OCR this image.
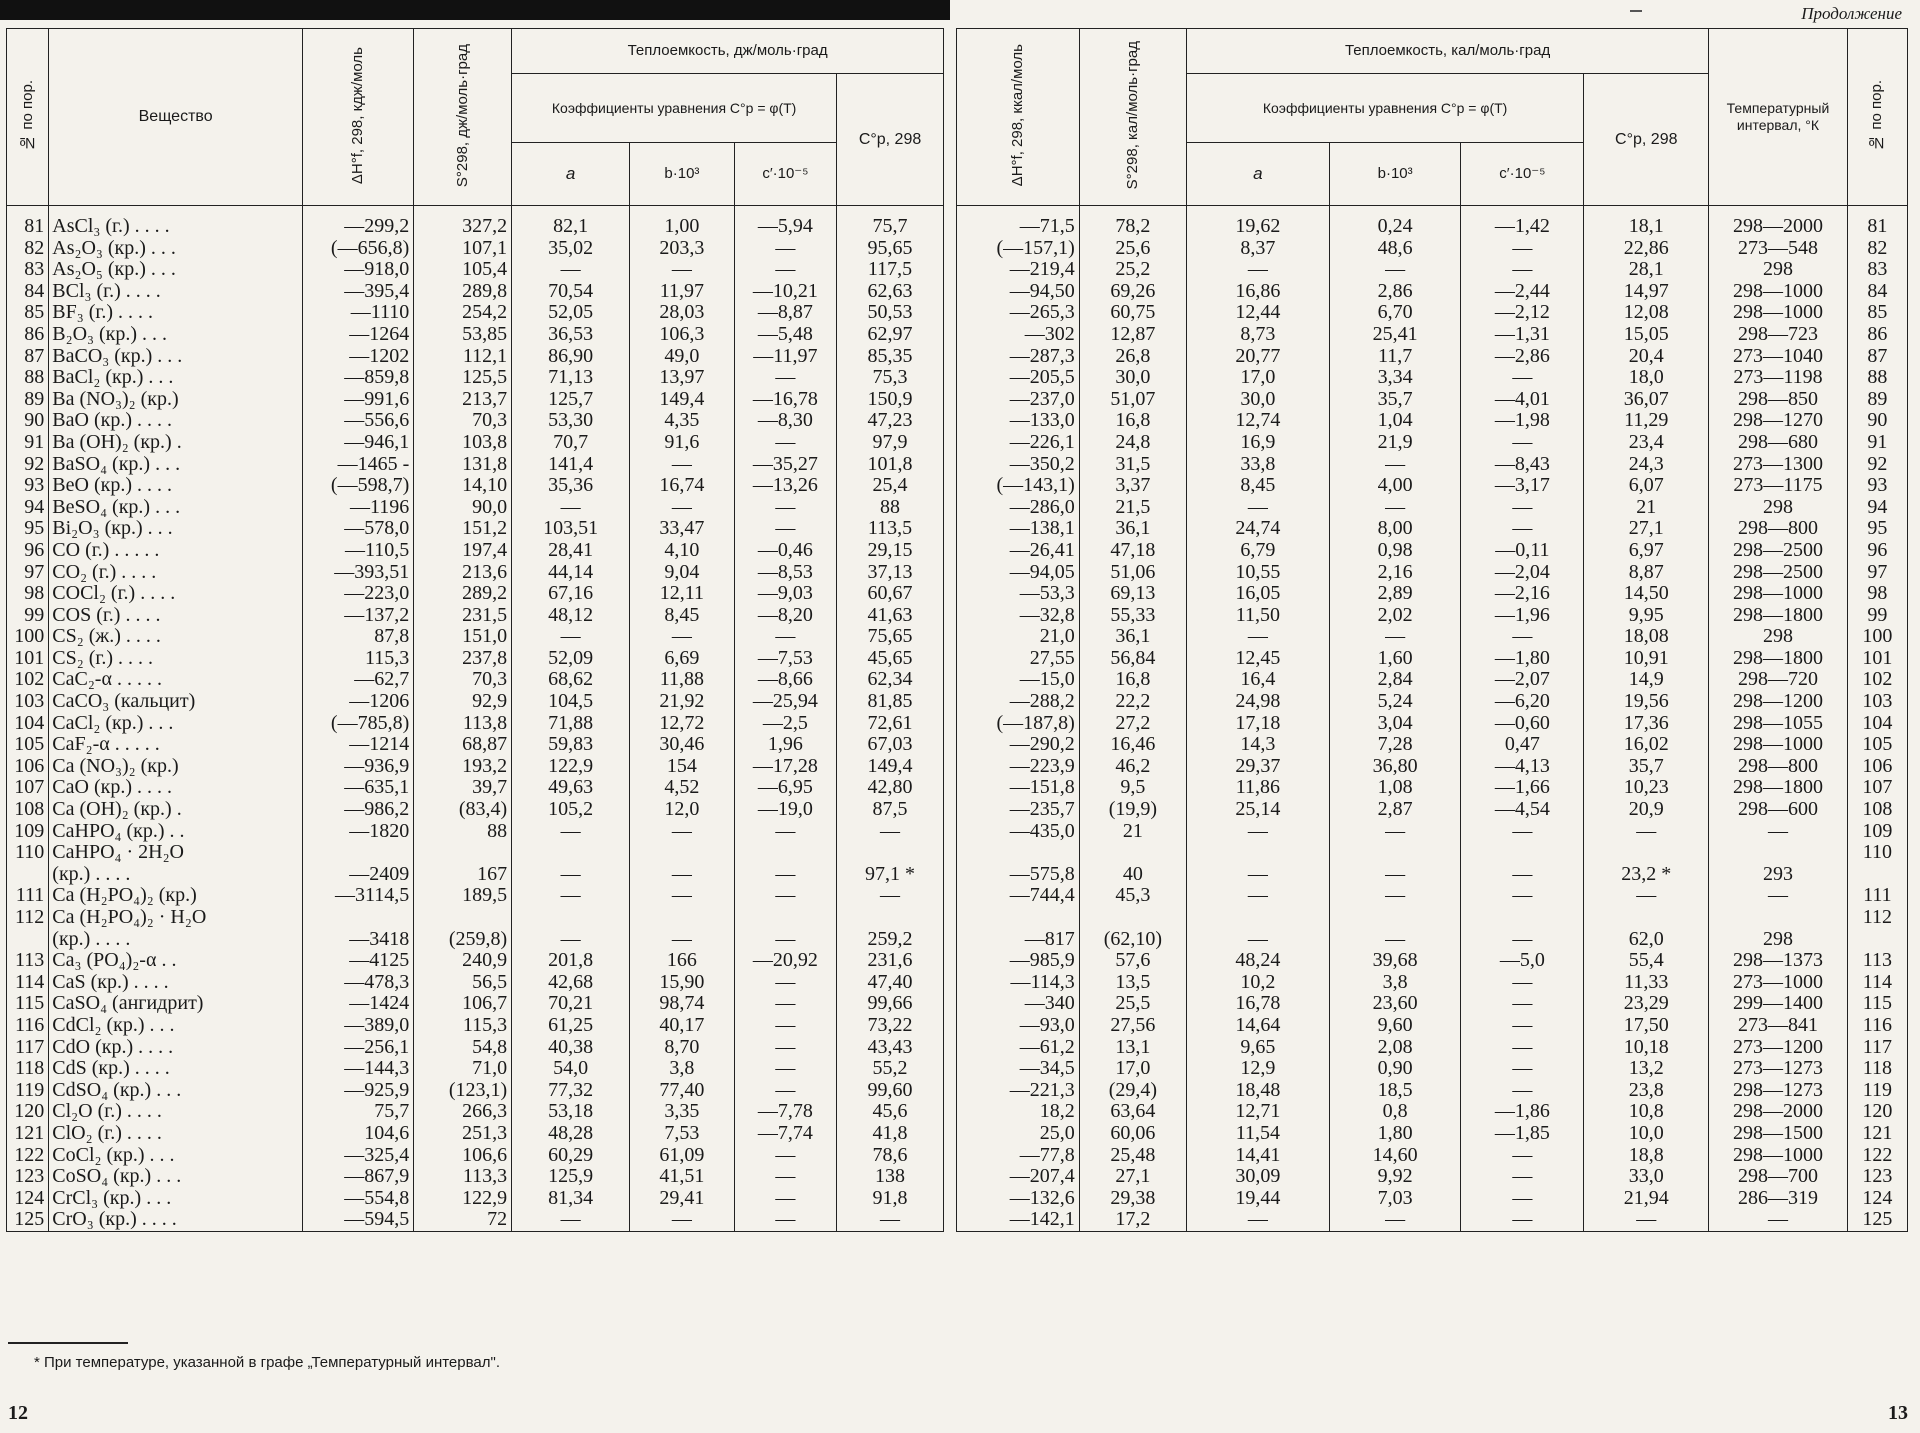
Продолжение
№ по пор.	Вещество	ΔH°f, 298, кдж/моль	S°298, дж/моль·град	Теплоемкость, дж/моль·град			
				Коэффициенты уравнения C°p = φ(T)			C°p, 298
				a	b·10³	c′·10⁻⁵	

81	AsCl₃ (г.) . . . .	—299,2	327,2	82,1	1,00	—5,94	75,7
82	As₂O₃ (кр.) . . .	(—656,8)	107,1	35,02	203,3	—	95,65
83	As₂O₅ (кр.) . . .	—918,0	105,4	—	—	—	117,5
84	BCl₃ (г.) . . . .	—395,4	289,8	70,54	11,97	—10,21	62,63
85	BF₃ (г.) . . . .	—1110	254,2	52,05	28,03	—8,87	50,53
86	B₂O₃ (кр.) . . .	—1264	53,85	36,53	106,3	—5,48	62,97
87	BaCO₃ (кр.) . . .	—1202	112,1	86,90	49,0	—11,97	85,35
88	BaCl₂ (кр.) . . .	—859,8	125,5	71,13	13,97	—	75,3
89	Ba (NO₃)₂ (кр.)	—991,6	213,7	125,7	149,4	—16,78	150,9
90	BaO (кр.) . . . .	—556,6	70,3	53,30	4,35	—8,30	47,23
91	Ba (OH)₂ (кр.) .	—946,1	103,8	70,7	91,6	—	97,9
92	BaSO₄ (кр.) . . .	—1465 -	131,8	141,4	—	—35,27	101,8
93	BeO (кр.) . . . .	(—598,7)	14,10	35,36	16,74	—13,26	25,4
94	BeSO₄ (кр.) . . .	—1196	90,0	—	—	—	88
95	Bi₂O₃ (кр.) . . .	—578,0	151,2	103,51	33,47	—	113,5
96	CO (г.) . . . . .	—110,5	197,4	28,41	4,10	—0,46	29,15
97	CO₂ (г.) . . . .	—393,51	213,6	44,14	9,04	—8,53	37,13
98	COCl₂ (г.) . . . .	—223,0	289,2	67,16	12,11	—9,03	60,67
99	COS (г.) . . . .	—137,2	231,5	48,12	8,45	—8,20	41,63
100	CS₂ (ж.) . . . .	87,8	151,0	—	—	—	75,65
101	CS₂ (г.) . . . .	115,3	237,8	52,09	6,69	—7,53	45,65
102	CaC₂-α . . . . .	—62,7	70,3	68,62	11,88	—8,66	62,34
103	CaCO₃ (кальцит)	—1206	92,9	104,5	21,92	—25,94	81,85
104	CaCl₂ (кр.) . . .	(—785,8)	113,8	71,88	12,72	—2,5	72,61
105	CaF₂-α . . . . .	—1214	68,87	59,83	30,46	1,96	67,03
106	Ca (NO₃)₂ (кр.)	—936,9	193,2	122,9	154	—17,28	149,4
107	CaO (кр.) . . . .	—635,1	39,7	49,63	4,52	—6,95	42,80
108	Ca (OH)₂ (кр.) .	—986,2	(83,4)	105,2	12,0	—19,0	87,5
109	CaHPO₄ (кр.) . .	—1820	88	—	—	—	—
110	CaHPO₄ · 2H₂O						
	(кр.) . . . .	—2409	167	—	—	—	97,1 *
111	Ca (H₂PO₄)₂ (кр.)	—3114,5	189,5	—	—	—	—
112	Ca (H₂PO₄)₂ · H₂O						
	(кр.) . . . .	—3418	(259,8)	—	—	—	259,2
113	Ca₃ (PO₄)₂-α . .	—4125	240,9	201,8	166	—20,92	231,6
114	CaS (кр.) . . . .	—478,3	56,5	42,68	15,90	—	47,40
115	CaSO₄ (ангидрит)	—1424	106,7	70,21	98,74	—	99,66
116	CdCl₂ (кр.) . . .	—389,0	115,3	61,25	40,17	—	73,22
117	CdO (кр.) . . . .	—256,1	54,8	40,38	8,70	—	43,43
118	CdS (кр.) . . . .	—144,3	71,0	54,0	3,8	—	55,2
119	CdSO₄ (кр.) . . .	—925,9	(123,1)	77,32	77,40	—	99,60
120	Cl₂O (г.) . . . .	75,7	266,3	53,18	3,35	—7,78	45,6
121	ClO₂ (г.) . . . .	104,6	251,3	48,28	7,53	—7,74	41,8
122	CoCl₂ (кр.) . . .	—325,4	106,6	60,29	61,09	—	78,6
123	CoSO₄ (кр.) . . .	—867,9	113,3	125,9	41,51	—	138
124	CrCl₃ (кр.) . . .	—554,8	122,9	81,34	29,41	—	91,8
125	CrO₃ (кр.) . . . .	—594,5	72	—	—	—	—
ΔH°f, 298, ккал/моль	S°298, кал/моль·град	Теплоемкость, кал/моль·град				Температурный интервал, °К	№ по пор.
		Коэффициенты уравнения C°p = φ(T)			C°p, 298		
		a	b·10³	c′·10⁻⁵			

—71,5	78,2	19,62	0,24	—1,42	18,1	298—2000	81
(—157,1)	25,6	8,37	48,6	—	22,86	273—548	82
—219,4	25,2	—	—	—	28,1	298	83
—94,50	69,26	16,86	2,86	—2,44	14,97	298—1000	84
—265,3	60,75	12,44	6,70	—2,12	12,08	298—1000	85
—302	12,87	8,73	25,41	—1,31	15,05	298—723	86
—287,3	26,8	20,77	11,7	—2,86	20,4	273—1040	87
—205,5	30,0	17,0	3,34	—	18,0	273—1198	88
—237,0	51,07	30,0	35,7	—4,01	36,07	298—850	89
—133,0	16,8	12,74	1,04	—1,98	11,29	298—1270	90
—226,1	24,8	16,9	21,9	—	23,4	298—680	91
—350,2	31,5	33,8	—	—8,43	24,3	273—1300	92
(—143,1)	3,37	8,45	4,00	—3,17	6,07	273—1175	93
—286,0	21,5	—	—	—	21	298	94
—138,1	36,1	24,74	8,00	—	27,1	298—800	95
—26,41	47,18	6,79	0,98	—0,11	6,97	298—2500	96
—94,05	51,06	10,55	2,16	—2,04	8,87	298—2500	97
—53,3	69,13	16,05	2,89	—2,16	14,50	298—1000	98
—32,8	55,33	11,50	2,02	—1,96	9,95	298—1800	99
21,0	36,1	—	—	—	18,08	298	100
27,55	56,84	12,45	1,60	—1,80	10,91	298—1800	101
—15,0	16,8	16,4	2,84	—2,07	14,9	298—720	102
—288,2	22,2	24,98	5,24	—6,20	19,56	298—1200	103
(—187,8)	27,2	17,18	3,04	—0,60	17,36	298—1055	104
—290,2	16,46	14,3	7,28	0,47	16,02	298—1000	105
—223,9	46,2	29,37	36,80	—4,13	35,7	298—800	106
—151,8	9,5	11,86	1,08	—1,66	10,23	298—1800	107
—235,7	(19,9)	25,14	2,87	—4,54	20,9	298—600	108
—435,0	21	—	—	—	—	—	109
							110
—575,8	40	—	—	—	23,2 *	293	
—744,4	45,3	—	—	—	—	—	111
							112
—817	(62,10)	—	—	—	62,0	298	
—985,9	57,6	48,24	39,68	—5,0	55,4	298—1373	113
—114,3	13,5	10,2	3,8	—	11,33	273—1000	114
—340	25,5	16,78	23,60	—	23,29	299—1400	115
—93,0	27,56	14,64	9,60	—	17,50	273—841	116
—61,2	13,1	9,65	2,08	—	10,18	273—1200	117
—34,5	17,0	12,9	0,90	—	13,2	273—1273	118
—221,3	(29,4)	18,48	18,5	—	23,8	298—1273	119
18,2	63,64	12,71	0,8	—1,86	10,8	298—2000	120
25,0	60,06	11,54	1,80	—1,85	10,0	298—1500	121
—77,8	25,48	14,41	14,60	—	18,8	298—1000	122
—207,4	27,1	30,09	9,92	—	33,0	298—700	123
—132,6	29,38	19,44	7,03	—	21,94	286—319	124
—142,1	17,2	—	—	—	—	—	125
* При температуре, указанной в графе „Температурный интервал".
12	13
